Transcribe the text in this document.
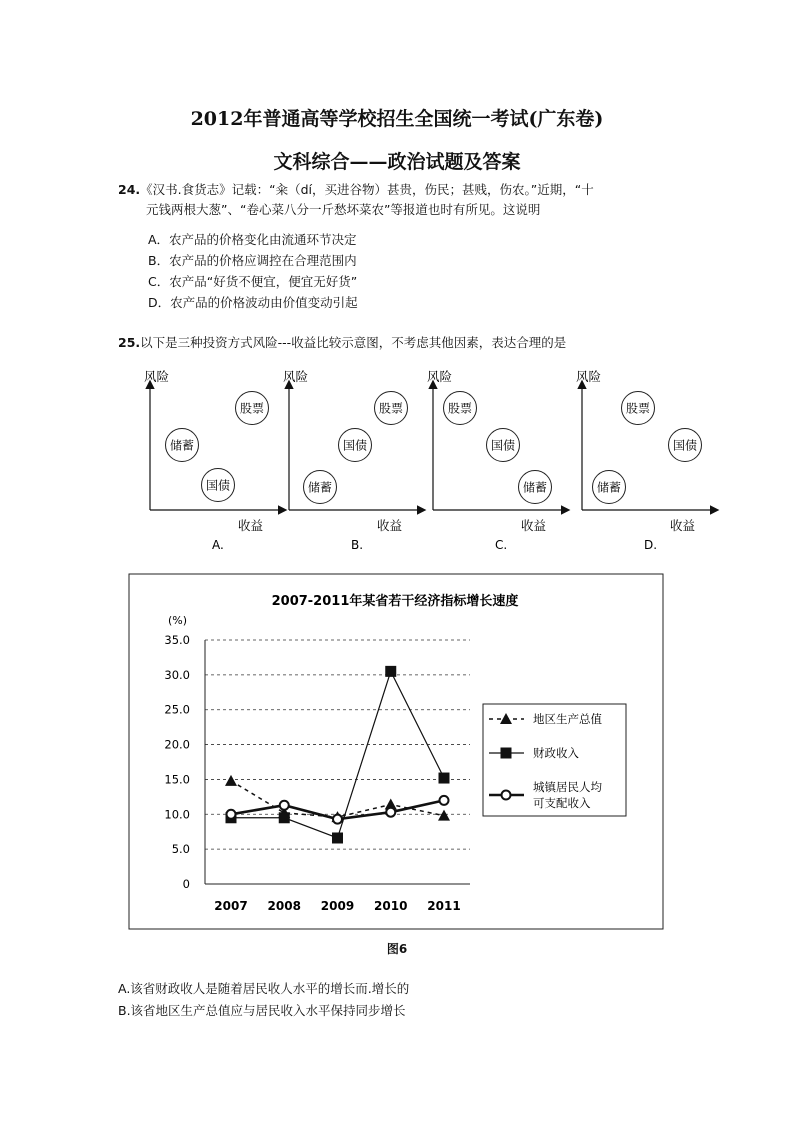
2012年普通高等学校招生全国统一考试(广东卷)
文科综合——政治试题及答案
24.《汉书.食货志》记载：“籴（dí，买进谷物）甚贵，伤民；甚贱，伤农。”近期，“十

元钱两根大葱”、“卷心菜八分一斤愁坏菜农”等报道也时有所见。这说明
A．农产品的价格变化由流通环节决定
B．农产品的价格应调控在合理范围内
C．农产品“好货不便宜，便宜无好货”
D．农产品的价格波动由价值变动引起
25.以下是三种投资方式风险---收益比较示意图，不考虑其他因素，表达合理的是
风险
收益
股票
储蓄
国债
A.
风险
收益
股票
国债
储蓄
B.
风险
收益
股票
国债
储蓄
C.
风险
收益
股票
国债
储蓄
D.
2007-2011年某省若干经济指标增长速度
(%)
0
5.0
10.0
15.0
20.0
25.0
30.0
35.0
2007 2008 2009 2010 2011
地区生产总值
财政收入
城镇居民人均
可支配收入
图6
A.该省财政收人是随着居民收人水平的增长而.增长的
B.该省地区生产总值应与居民收入水平保持同步增长
